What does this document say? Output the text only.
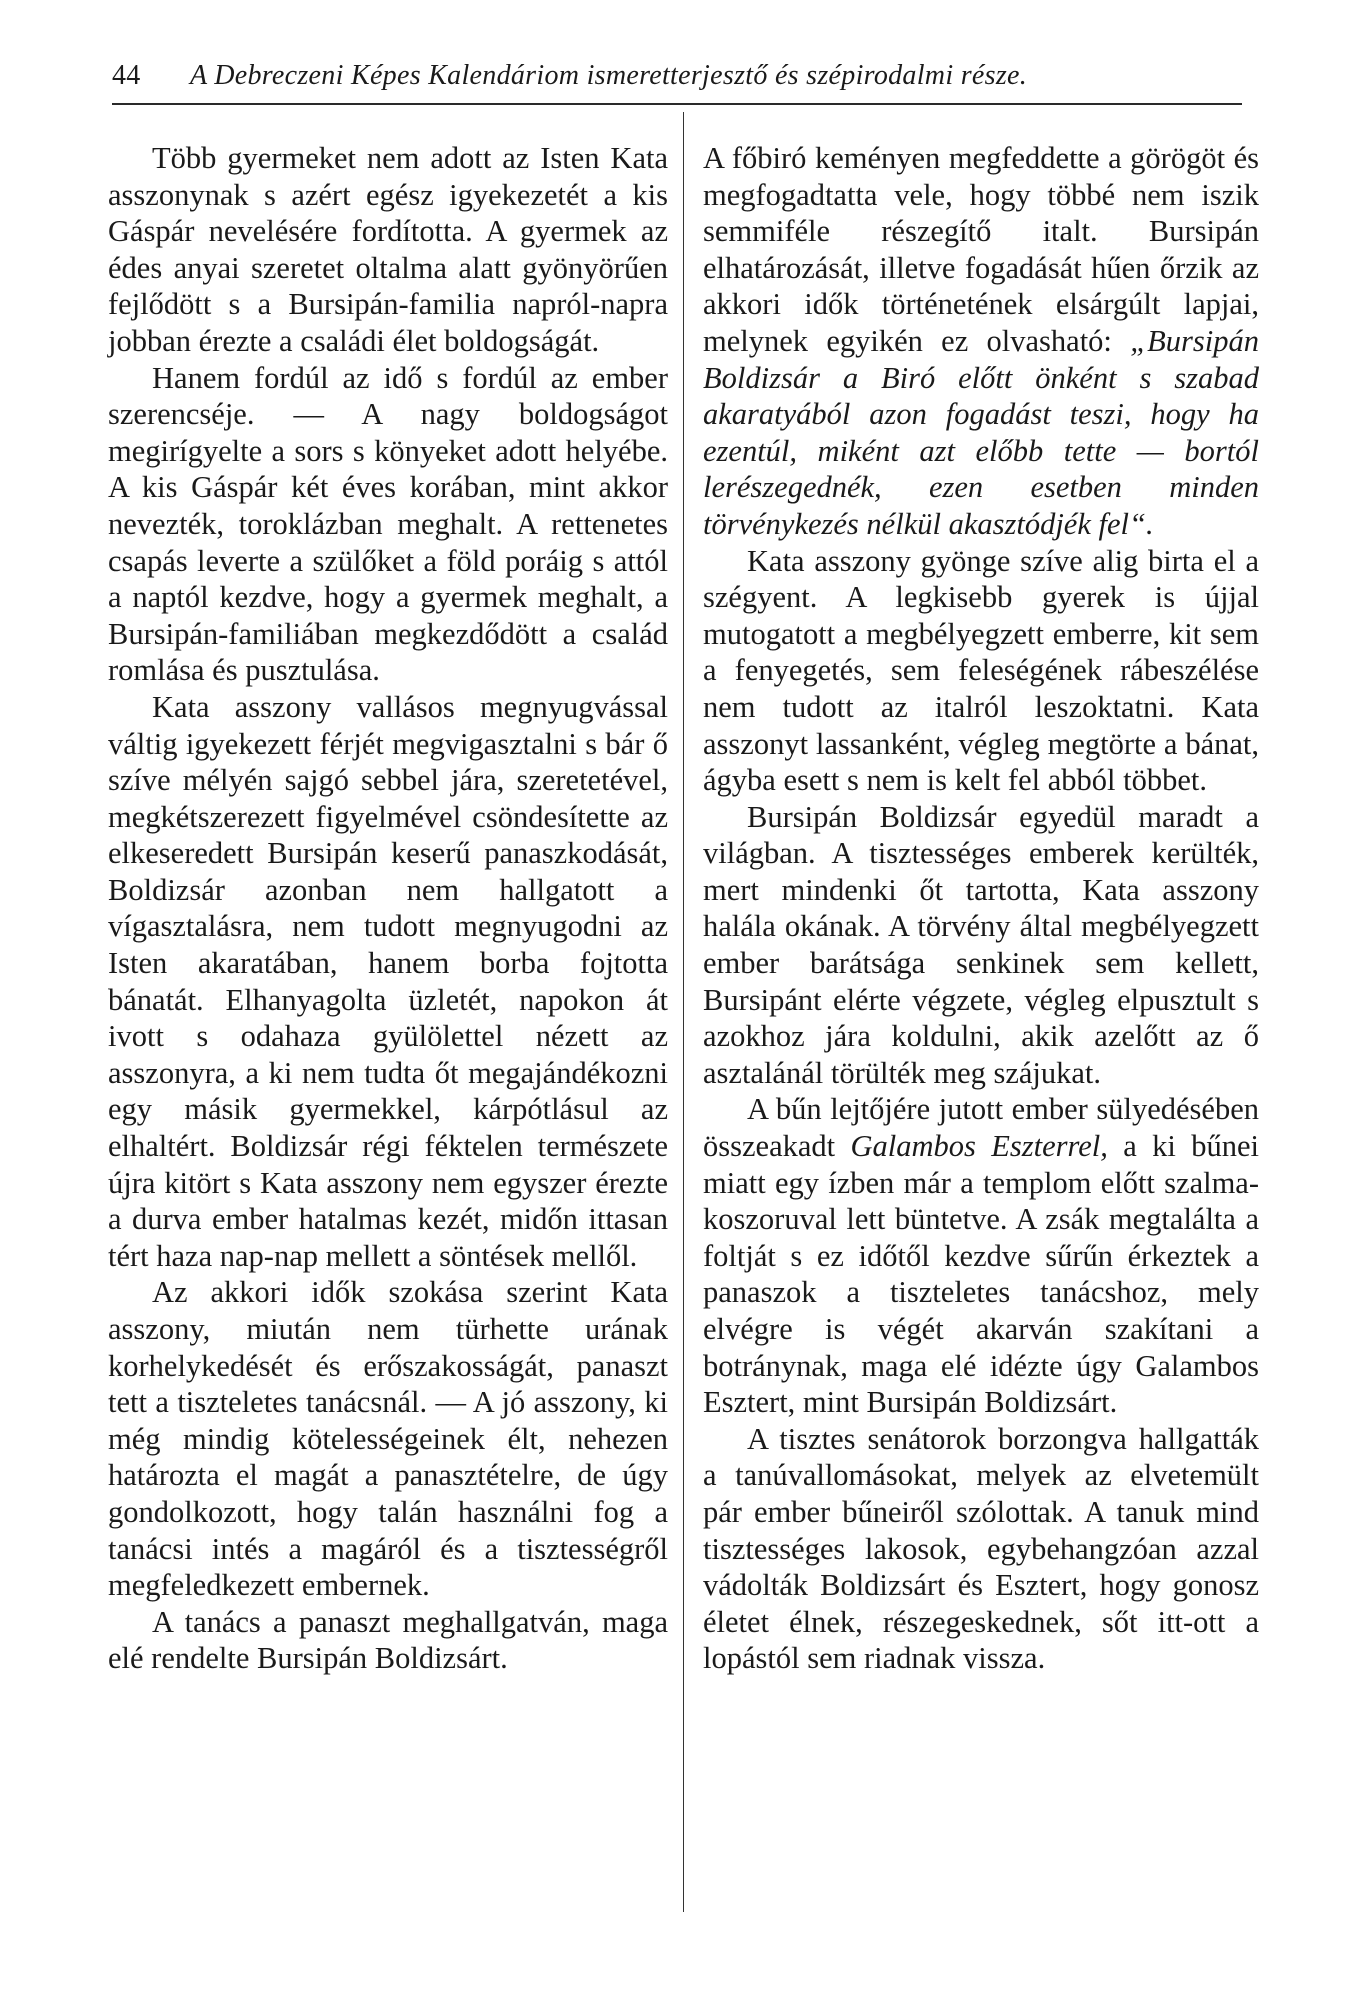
44 A Debreczeni Képes Kalendáriom ismeretterjesztő és szépirodalmi része.

Több gyermeket nem adott az Isten Kata asszonynak s azért egész igyekezetét a kis Gáspár nevelésére fordította. A gyermek az édes anyai szeretet oltalma alatt gyönyörűen fejlődött s a Bursipán-familia napról-napra jobban érezte a családi élet boldogságát.

Hanem fordúl az idő s fordúl az ember szerencséje. — A nagy boldogságot megirígyelte a sors s könyeket adott helyébe. A kis Gáspár két éves korában, mint akkor nevezték, toroklázban meghalt. A rettenetes csapás leverte a szülőket a föld poráig s attól a naptól kezdve, hogy a gyermek meghalt, a Bursipán-familiában megkezdődött a család romlása és pusztulása.

Kata asszony vallásos megnyugvással váltig igyekezett férjét megvigasztalni s bár ő szíve mélyén sajgó sebbel jára, szeretetével, megkétszerezett figyelmével csöndesítette az elkeseredett Bursipán keserű panaszkodását, Boldizsár azonban nem hallgatott a vígasztalásra, nem tudott megnyugodni az Isten akaratában, hanem borba fojtotta bánatát. Elhanyagolta üzletét, napokon át ivott s odahaza gyülölettel nézett az asszonyra, a ki nem tudta őt megajándékozni egy másik gyermekkel, kárpótlásul az elhaltért. Boldizsár régi féktelen természete újra kitört s Kata asszony nem egyszer érezte a durva ember hatalmas kezét, midőn ittasan tért haza nap-nap mellett a söntések mellől.

Az akkori idők szokása szerint Kata asszony, miután nem türhette urának korhelykedését és erőszakosságát, panaszt tett a tiszteletes tanácsnál. — A jó asszony, ki még mindig kötelességeinek élt, nehezen határozta el magát a panasztételre, de úgy gondolkozott, hogy talán használni fog a tanácsi intés a magáról és a tisztességről megfeledkezett embernek.

A tanács a panaszt meghallgatván, maga elé rendelte Bursipán Boldizsárt.

A főbiró keményen megfeddette a görögöt és megfogadtatta vele, hogy többé nem iszik semmiféle részegítő italt. Bursipán elhatározását, illetve fogadását hűen őrzik az akkori idők történetének elsárgúlt lapjai, melynek egyikén ez olvasható: „Bursipán Boldizsár a Biró előtt önként s szabad akaratyából azon fogadást teszi, hogy ha ezentúl, miként azt előbb tette — bortól lerészegednék, ezen esetben minden törvénykezés nélkül akasztódjék fel“.

Kata asszony gyönge szíve alig birta el a szégyent. A legkisebb gyerek is újjal mutogatott a megbélyegzett emberre, kit sem a fenyegetés, sem feleségének rábeszélése nem tudott az italról leszoktatni. Kata asszonyt lassanként, végleg megtörte a bánat, ágyba esett s nem is kelt fel abból többet.

Bursipán Boldizsár egyedül maradt a világban. A tisztességes emberek kerülték, mert mindenki őt tartotta, Kata asszony halála okának. A törvény által megbélyegzett ember barátsága senkinek sem kellett, Bursipánt elérte végzete, végleg elpusztult s azokhoz jára koldulni, akik azelőtt az ő asztalánál törülték meg szájukat.

A bűn lejtőjére jutott ember sülyedésében összeakadt Galambos Eszterrel, a ki bűnei miatt egy ízben már a templom előtt szalma-koszoruval lett büntetve. A zsák megtalálta a foltját s ez időtől kezdve sűrűn érkeztek a panaszok a tiszteletes tanácshoz, mely elvégre is végét akarván szakítani a botránynak, maga elé idézte úgy Galambos Esztert, mint Bursipán Boldizsárt.

A tisztes senátorok borzongva hallgatták a tanúvallomásokat, melyek az elvetemült pár ember bűneiről szólottak. A tanuk mind tisztességes lakosok, egybehangzóan azzal vádolták Boldizsárt és Esztert, hogy gonosz életet élnek, részegeskednek, sőt itt-ott a lopástól sem riadnak vissza.
